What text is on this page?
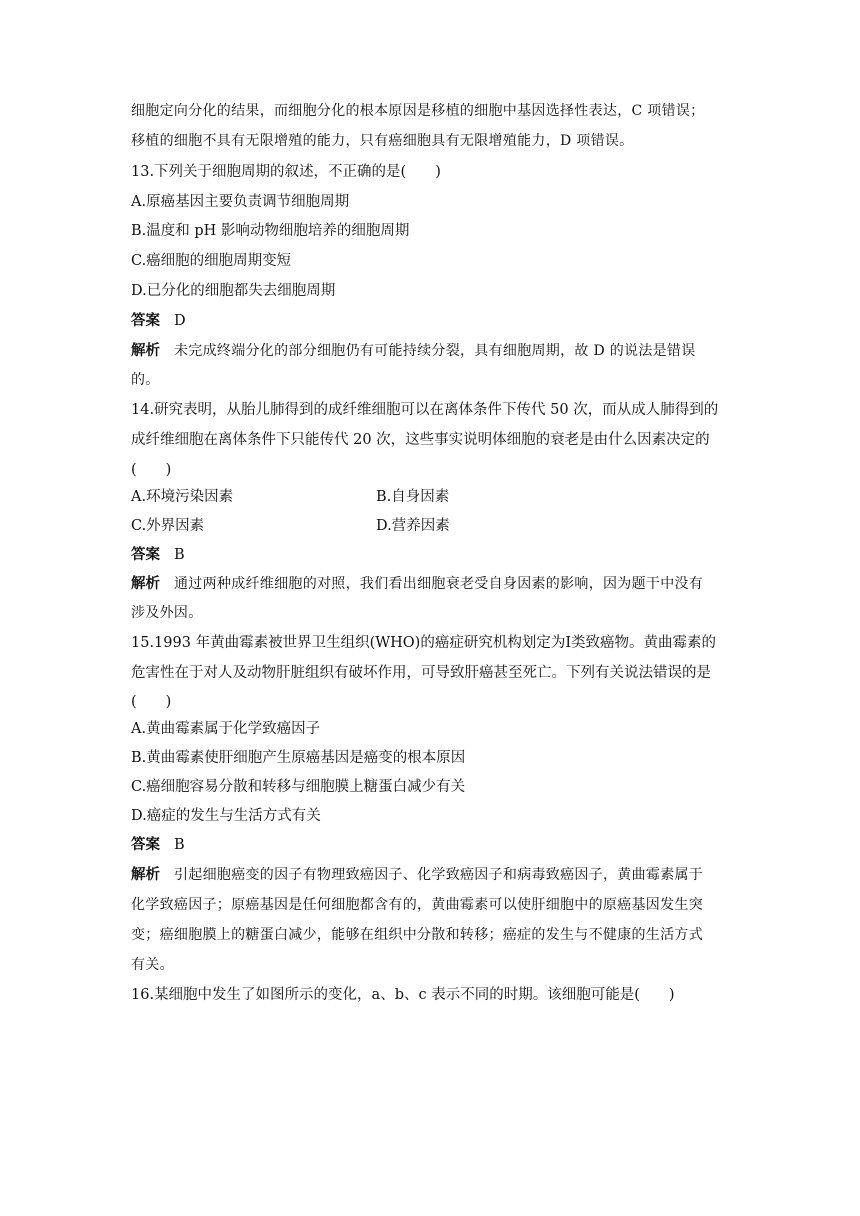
细胞定向分化的结果，而细胞分化的根本原因是移植的细胞中基因选择性表达，C 项错误；
移植的细胞不具有无限增殖的能力，只有癌细胞具有无限增殖能力，D 项错误。
13.下列关于细胞周期的叙述，不正确的是(　　)
A.原癌基因主要负责调节细胞周期
B.温度和 pH 影响动物细胞培养的细胞周期
C.癌细胞的细胞周期变短
D.已分化的细胞都失去细胞周期
答案 D
解析 未完成终端分化的部分细胞仍有可能持续分裂，具有细胞周期，故 D 的说法是错误
的。
14.研究表明，从胎儿肺得到的成纤维细胞可以在离体条件下传代 50 次，而从成人肺得到的
成纤维细胞在离体条件下只能传代 20 次，这些事实说明体细胞的衰老是由什么因素决定的
(　　)
A.环境污染因素	B.自身因素
C.外界因素	D.营养因素
答案 B
解析 通过两种成纤维细胞的对照，我们看出细胞衰老受自身因素的影响，因为题干中没有
涉及外因。
15.1993 年黄曲霉素被世界卫生组织(WHO)的癌症研究机构划定为Ⅰ类致癌物。黄曲霉素的
危害性在于对人及动物肝脏组织有破坏作用，可导致肝癌甚至死亡。下列有关说法错误的是
(　　)
A.黄曲霉素属于化学致癌因子
B.黄曲霉素使肝细胞产生原癌基因是癌变的根本原因
C.癌细胞容易分散和转移与细胞膜上糖蛋白减少有关
D.癌症的发生与生活方式有关
答案 B
解析 引起细胞癌变的因子有物理致癌因子、化学致癌因子和病毒致癌因子，黄曲霉素属于
化学致癌因子；原癌基因是任何细胞都含有的，黄曲霉素可以使肝细胞中的原癌基因发生突
变；癌细胞膜上的糖蛋白减少，能够在组织中分散和转移；癌症的发生与不健康的生活方式
有关。
16.某细胞中发生了如图所示的变化，a、b、c 表示不同的时期。该细胞可能是(　　)
